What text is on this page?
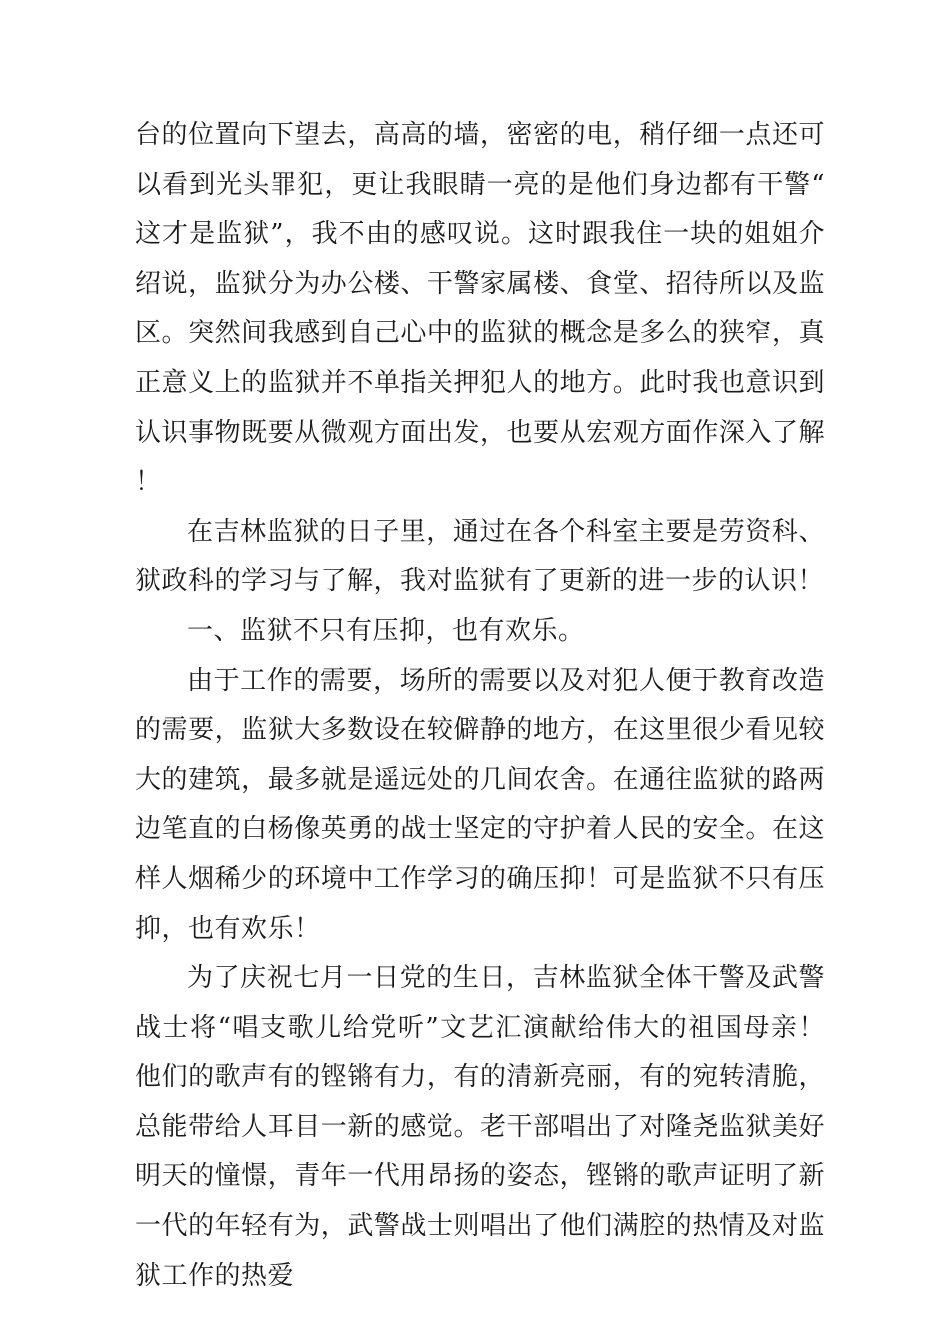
台的位置向下望去，高高的墙，密密的电，稍仔细一点还可以看到光头罪犯，更让我眼睛一亮的是他们身边都有干警“这才是监狱”，我不由的感叹说。这时跟我住一块的姐姐介绍说，监狱分为办公楼、干警家属楼、食堂、招待所以及监区。突然间我感到自己心中的监狱的概念是多么的狭窄，真正意义上的监狱并不单指关押犯人的地方。此时我也意识到认识事物既要从微观方面出发，也要从宏观方面作深入了解！

在吉林监狱的日子里，通过在各个科室主要是劳资科、狱政科的学习与了解，我对监狱有了更新的进一步的认识！

一、监狱不只有压抑，也有欢乐。

由于工作的需要，场所的需要以及对犯人便于教育改造的需要，监狱大多数设在较僻静的地方，在这里很少看见较大的建筑，最多就是遥远处的几间农舍。在通往监狱的路两边笔直的白杨像英勇的战士坚定的守护着人民的安全。在这样人烟稀少的环境中工作学习的确压抑！可是监狱不只有压抑，也有欢乐！

为了庆祝七月一日党的生日，吉林监狱全体干警及武警战士将“唱支歌儿给党听”文艺汇演献给伟大的祖国母亲！他们的歌声有的铿锵有力，有的清新亮丽，有的宛转清脆，总能带给人耳目一新的感觉。老干部唱出了对隆尧监狱美好明天的憧憬，青年一代用昂扬的姿态，铿锵的歌声证明了新一代的年轻有为，武警战士则唱出了他们满腔的热情及对监狱工作的热爱
